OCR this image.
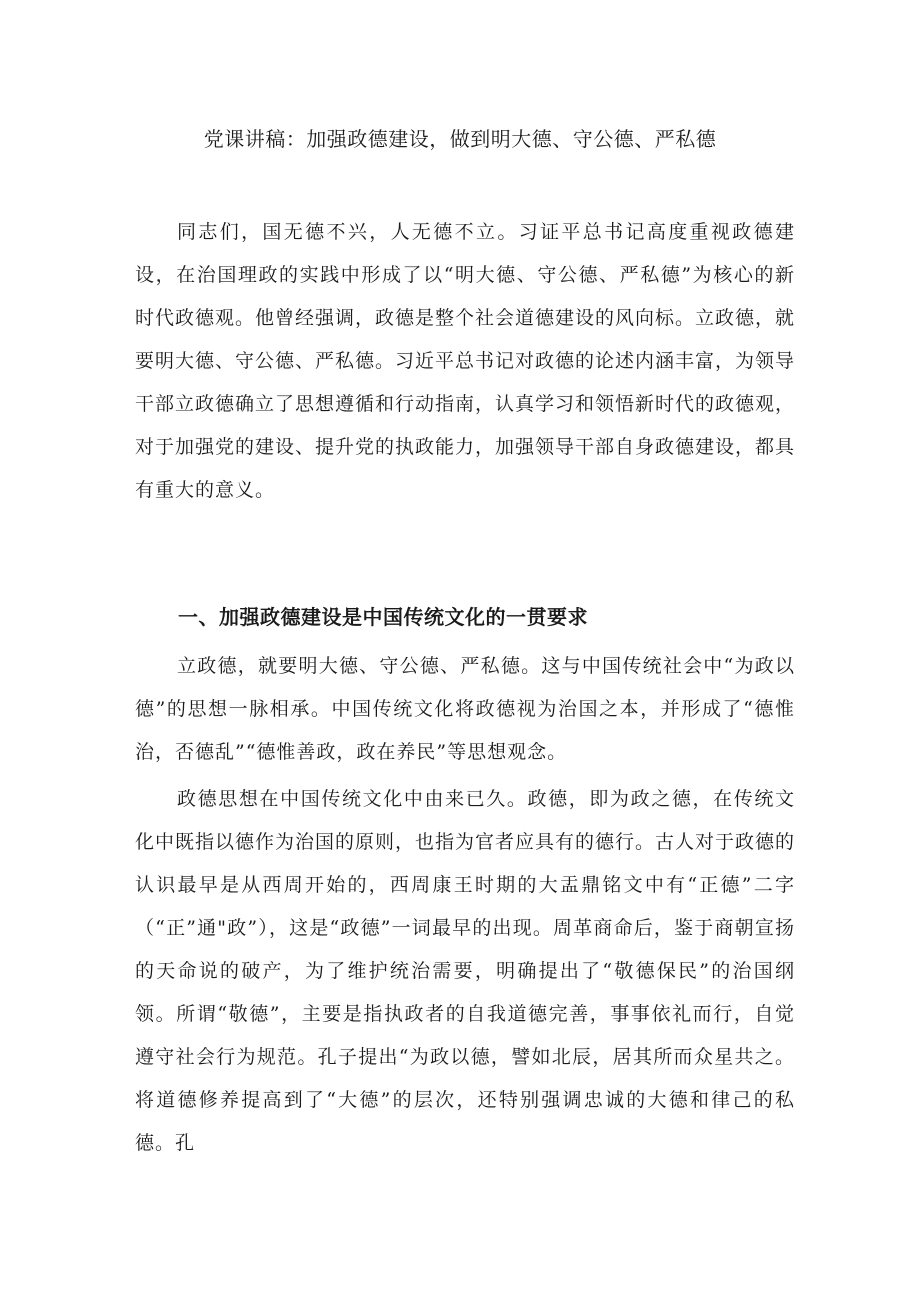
党课讲稿：加强政德建设，做到明大德、守公德、严私德

同志们，国无德不兴，人无德不立。习证平总书记高度重视政德建设，在治国理政的实践中形成了以“明大德、守公德、严私德”为核心的新时代政德观。他曾经强调，政德是整个社会道德建设的风向标。立政德，就要明大德、守公德、严私德。习近平总书记对政德的论述内涵丰富，为领导干部立政德确立了思想遵循和行动指南，认真学习和领悟新时代的政德观，对于加强党的建设、提升党的执政能力，加强领导干部自身政德建设，都具有重大的意义。

一、加强政德建设是中国传统文化的一贯要求

立政德，就要明大德、守公德、严私德。这与中国传统社会中“为政以德”的思想一脉相承。中国传统文化将政德视为治国之本，并形成了“德惟治，否德乱”“德惟善政，政在养民”等思想观念。

政德思想在中国传统文化中由来已久。政德，即为政之德，在传统文化中既指以德作为治国的原则，也指为官者应具有的德行。古人对于政德的认识最早是从西周开始的，西周康王时期的大盂鼎铭文中有“正德”二字（“正”通"政”），这是“政德”一词最早的出现。周革商命后，鉴于商朝宣扬的天命说的破产，为了维护统治需要，明确提出了“敬德保民”的治国纲领。所谓“敬德”，主要是指执政者的自我道德完善，事事依礼而行，自觉遵守社会行为规范。孔子提出“为政以德，譬如北辰，居其所而众星共之。将道德修养提高到了“大德”的层次，还特别强调忠诚的大德和律己的私德。孔
